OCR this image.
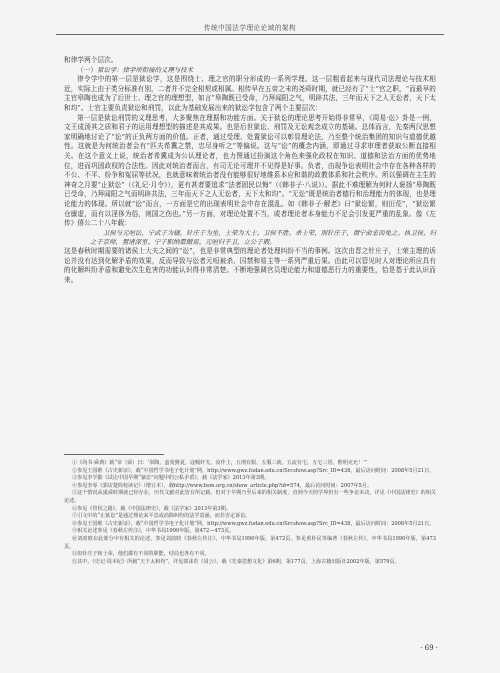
传统中国法学理论论域的架构

和律学两个层次。

（一）狱讼学：律学所衔接的义理与技术

律令学中的第一层是狱讼学，这是围绕士、理之官的职分形成的一系列学理。这一层粗看起来与现代司法理论与技术相近，实际上由于类分标准有别，二者并不完全相契或相属。相传早在五帝之末的尧舜时期，就已经有了“士”官之职，“而最早的主官皋陶也成为了后世士、理之官的理想型，如言“皋陶既已受命，乃拜闻阳之气，明辟共法，三年而天下之人无讼者，天下太和均”。士官主要负责狱讼和刑罚，以此为基础发展出来的狱讼学包含了两个主要层次：

第一层是狱讼刑罚的义理思考，大多聚焦在理据和功能方面。关于狱讼的理论思考开始得非常早，《周易·讼》卦是一例，文王成汤其之质和君子的运用理想型的描述是其成果。也是后世狱讼、刑罚及无讼观念成立的基础。总体而言，先秦两汉思想家明确地讨论了“讼”的正负两方面的价值。正者，通过受理、处置狱讼可以彰显理论法，乃至整个统治集团的知识与道德优越性。这就是为何统治者会有“匹夫希冀之禁，忠尽身听之”等偏说。这与“讼”的概念内涵，即通过寻求审理者获取公断直接相关。在这个意义上说，统治者希冀成为公认理论者，也力图通过扮演这个角色来强化政权在知识、道德和法治方面的优势地位，进而巩固政权的合法性。因此对统治者而言，有司无论可理并不见得是好事。负者，由现争讼表明社会中存在各种各样的不公、不平、纷争和冤屈等状况，也就意味着统治者没有能够很好地维系本应和谐的政教体系和社会秩序。所以强调在主生的神奇之月要“止狱讼”（《礼记·月令》），更有甚者要追求“法者固民以悔”（《韩非子·八说》）。据此不难理解为何时人褒扬“皋陶既已受命，乃拜闻阳之气而明辟共法，三年而天下之人无讼者，天下太和均”。“无讼”既是统治者德行和治理能力的体现，也是理论能力的体现。所以就“讼”而言，一方面是它的出现表明社会中存在混乱。如《韩非子·解老》曰“狱讼繁，则田荒”，“狱讼繁仓廪虚，而有以淫侈为俗，则国之伤也。”另一方面，对理论处置不当，或者理论者本身能力不足会引发更严重的乱象。像《左传》僖公二十八年载：

卫侯与元咺讼，宁武子为辅，针庄子为坐，士荣为大士。卫侯不胜。杀士荣，刖针庄子，谓宁俞忠而免之。执卫侯，归之于京师，置诸深室。宁子职纳橐饘焉。元咺归于卫，立公子瑕。

这是春秋时期需要的诸侯士大夫之间的“讼”，也是非常典型的理论者处理纠纷不当的事例。这次由晋之针庄子，士荣主理的诉讼并没有达到化解矛盾的效果，反而导致与讼者元咺被杀、囚禁和易主等一系列严重后果。由此可以管见时人对理论所应具有的化解纠纷矛盾和避免次生危害的功能认识得非常清楚。不断地强调官员理论能力和道德恶行力的重要性，恰是基于此认识而来。

①《尚书·舜典》载“帝（舜）曰：‘皋陶，蛮夷猾夏，寇贼奸宄。汝作士，五刑有服，五服三就，五流有宅，五宅三居。惟明克允！’”

②参见王国维《古史新证》，载“中国哲学书电子化计划”网，http://www.gwz.fudan.edu.cn/Srcshow.asp?Src_ID=438，最后访问时间：2008年5月21日。

③参见李学勤《试论中国早期“狱讼”问题中的公私矛盾》，载《法学家》2013年第3期。

④参见李零《郭店楚简校读记》（增订本），载http://www.bsm.org.cn/show_article.php?id=574，最后访问时间：2007年5月。

⑤这个情况从虞舜时期就已经存在，历代文献对此皆有所记载。但对于早期乃至后来的相关制度，直到今天的学界仍有一些争论未决。详见《中国法律史》的相关论述。

⑥参见《管侯之路》，载《中国法律史》，载《法学家》2013年第3期。

⑦引文中的“止狱讼”是通过理论来平息或消除纠纷的法学意涵，而非否定诉讼。

⑧参见王国维《古史新证》，载“中国哲学书电子化计划”网，http://www.gwz.fudan.edu.cn/Srcshow.asp?Src_ID=438，最后访问时间：2008年5月21日。

⑨相关论述参见《春秋左传注》，中华书局1990年版，第472—473页。

⑩刘韵晗在此部分中有相关的论述，参见刘韵晗《春秋左传注》，中华书局1990年版，第472页。参见黄朴民等编著《春秋左传》，中华书局1990年版，第473页。

⑪如针庄子和士荣，他们都有不同的职能，结局也各有不同。

⑫其中，《史记·周本纪》所载“天下太和均”，详见郭沫若《周公》，载《先秦思想文化》第6期，第177页，上海古籍出版社2002年版，第579页。

· 69 ·
